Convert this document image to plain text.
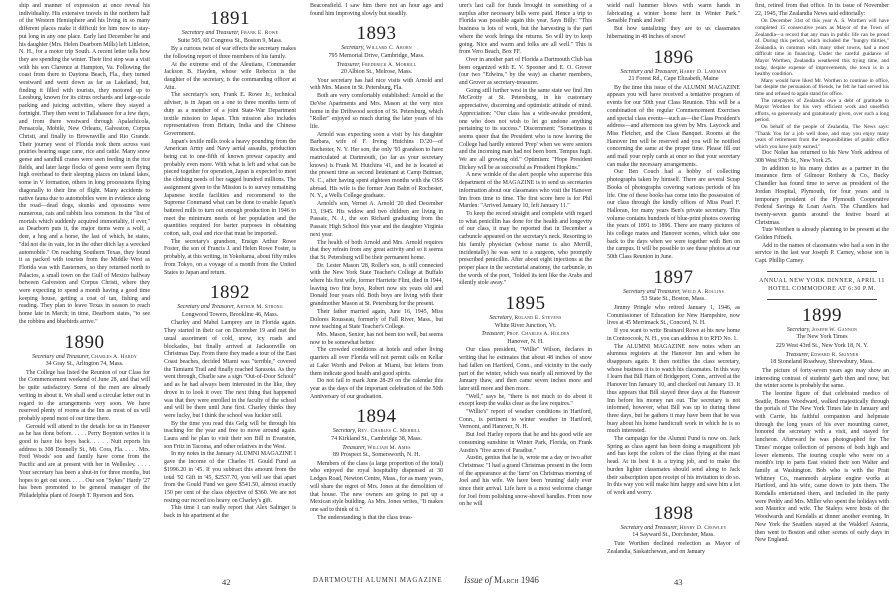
ship and manner of expression at once reveal his individuality. His extensive travels in the northern half of the Western Hemisphere and his living in so many different places make it difficult for him now to stay-put long in any one place. Early last December he and his daughter (Mrs. Helen Dearborn Mills) left Littleton, N. H., for a motor trip South. A recent letter tells how they are spending the winter. Their first stop was a visit with his son Clarence at Hampton, Va. Following the coast from there to Daytona Beach, Fla., they turned westward and went down as far as Lakeland, but, finding it filled with tourists, they motored up to Leesburg, known for its citrus orchards and large-scale packing and juicing activities, where they stayed a fortnight. They then went to Tallahassee for a few days, and from there westward through Apalachicola, Pensacola, Mobile, New Orleans, Galveston, Corpus Christi, and finally to Brownsville and Rio Grande. Their journey west of Florida took them across vast prairies bearing sugar cane, rice and cattle. Many snow geese and sandhill cranes were seen feeding in the rice fields, and later large flocks of geese were seen flying high overhead to their sleeping places on inland lakes, some in V formation, others in long processions flying diagonally to their line of flight. Many accidents to native fauna due to automobiles were in evidence along the road—dead dogs, skunks and opossums were numerous, cats and rabbits less common. In the "list of mortals which suddenly acquired immortality, if ever," as Dearborn puts it, the major items were a wolf, a deer, a hog and a horse, the last of which, he states, "did not die in vain, for in the other ditch lay a wrecked automobile." On reaching Southern Texas, they found it as packed with tourists from the Middle West as Florida was with Easterners, so they returned north to Palacios, a small town on the Gulf of Mexico halfway between Galveston and Corpus Christi, where they were expecting to spend a month having a good time keeping house, getting a coat of tan, fishing and reading. They plan to leave Texas in season to reach home late in March; in time, Dearborn states, "to see the robbins and bluebirds arrive."

1890
Secretary and Treasurer, Charles A. Hardy
34 Gray St., Arlington 74, Mass.

The College has listed the Reunion of our Class for the Commencement weekend of June 28, and that will be quite satisfactory. Some of the men are already writing in about it. We shall send a circular letter out in regard to the arrangements very soon. We have reserved plenty of rooms at the Inn as most of us will probably spend most of our time there.

Gerould will attend to the details for us in Hanover as he has done before. . . . . Perry Boynton writes it is good to have his boys back. . . . . Nutt reports his address is 308 Donnelly St., Mt. Cora, Fla. . . . . Mrs. Fred Woods' son and family have come from the Pacific and are at present with her in Wellesley. . . . . Your secretary has been a shut-in for three months, but hopes to get out soon. . . . . Our son "Sykes" Hardy '27 has been promoted to be general manager of the Philadelphia plant of Joseph T. Ryerson and Son.

1891
Secretary and Treasurer, Frank E. Rowe
Suite 505, 60 Congress St., Boston 9, Mass.

By a curious twist of war effects the secretary makes the following report of three members of his family.

At the extreme end of the Aleutians, Commander Jackson B. Hayden, whose wife Rebecca is the daughter of the secretary, is the commanding officer at Attu.

The secretary's son, Frank E. Rowe Jr., technical adviser, is in Japan on a one to three months term of duty as a member of a joint State-War Department textile mission to Japan. This mission also includes representatives from Britain, India and the Chinese Government.

Japan's textile mills took a heavy pounding from the American Army and Navy aerial assaults, production being cut to one-fifth of known prewar capacity and probably even more. With what is left and what can be pieced together for operation, Japan is expected to meet the clothing needs of her ragged hundred millions. The assignment given to the Mission is to survey remaining Japanese textile facilities and recommend to the Supreme Command what can be done to enable Japan's battered mills to turn out enough production in 1946 to meet the minimum needs of her population and the quantities required for barter purposes in obtaining cotton, salt, coal and rice that must be imported.

The secretary's grandson, Ensign Arthur Rowe Foster, the son of Francis J. and Helen Rowe Foster, is probably, at this writing, in Yokohama, about fifty miles from Tokyo, on a voyage of a month from the United States to Japan and return.

1892
Secretary and Treasurer, Arthur M. Strong
Longwood Towers, Brookline 46, Mass.

Charley and Mabel Lamprey are in Florida again. They started in their car on December 19 and met the usual assortment of cold, snow, icy roads and blockades, but finally arrived at Jacksonville on Christmas Day. From there they made a tour of the East Coast beaches, decided Miami was "terrible," covered the Tamiami Trail and finally reached Sarasota. As they went through, Charlie saw a sign "Out-of-Door School" and as he had always been interested in the like, they drove in to look it over. The next thing that happened was that they were enrolled in the faculty of the school and will be there until June first. Charley thinks they were lucky, but I think the school was luckier still.

By the time you read this Gelg will be through his teaching for the year and free to move around again. Laura and he plan to visit their son Bill in Evanston, son Fritz in Tacoma, and other relatives in the West.

In my notes in the January ALUMNI MAGAZINE I gave the income of the Charles H. Gould Fund as $1996.20 in '45. If you subtract this amount from the total '92 Gift in '45, $2537.70, you will see that apart from the Gould Fund we gave $541.50, almost exactly 150 per cent of the class objective of $360. We are not resting our record too heavy on Charley's gift.

This time I can really report that Alex Salinger is back in his apartment at the

Beaconsfield. I saw him there not an hour ago and found him improving slowly but steadily.

1893
Secretary, Willard C. Aborn
795 Memorial Drive, Cambridge, Mass.
Treasurer, Frederick A. Morrill
20 Albion St., Melrose, Mass.

Your secretary has had nice visits with Arnold and with Mrs. Mason in St. Petersburg, Fla.

Both are very comfortably established: Arnold at the DeVoe Apartments and Mrs. Mason at the very nice home in the Driftwood section of St. Petersburg, which "Roller" enjoyed so much during the later years of his life.

Arnold was expecting soon a visit by his daughter Barbara, wife of F. Irving Hutchins D.'20—of Rochester, N. Y. Her son, the only '93 grandson to have matriculated at Dartmouth, (so far as your secretary knows) is Frank M. Hutchins '41, and he is located at the present time as second lieutenant at Camp Butman, N. C., after having spent eighteen months with the OSS abroad. His wife is the former Jean Bahn of Rochester, N. Y., a Wells College graduate.

Arnold's son, Vernet A. Arnold '20 died December 13, 1945. His widow and two children are living in Passaic, N. J., the son Richard graduating from the Passaic High School this year and the daughter Virginia next year.

The health of both Arnold and Mrs. Arnold requires that they refrain from any great activity and so it seems that St. Petersburg will be their permanent home.

Dr. Lester Mason '28, Roller's son, is still connected with the New York State Teacher's College at Buffalo where his first wife, former Harriette Flint, died in 1944, leaving two fine boys, Robert now six years old and Donald four years old. Both boys are living with their grandmother Mason at St. Petersburg for the present.

Their father married again, June 16, 1945, Miss Dolores Rousseau, formerly of Fall River, Mass., but now teaching at State Teacher's College.

Mrs. Mason, Senior, has not been too well, but seems now to be somewhat better.

The crowded conditions at hotels and other living quarters all over Florida will not permit calls on Kellar at Lake Worth and Pelton at Miami, but letters from them indicate good health and good spirits.

Do not fail to mark June 28-29 on the calendar this year as the days of the important celebration of the 50th Anniversary of our graduation.

1894
Secretary, Rev. Charles C. Merrill
74 Kirkland St., Cambridge 38, Mass.
Treasurer, William M. Ames
89 Prospect St., Somersworth, N. H.

Members of the class (a large proportion of the total) who enjoyed the royal hospitality dispensed at 30 Ledges Road, Newton Centre, Mass., for as many years, will share the regret of Mrs. Jones at the demolition of that house. The new owners are going to put up a Mexican style building. As Mrs. Jones writes, "It makes one sad to think of it."

The understanding is that the class treas-

42	DARTMOUTH ALUMNI MAGAZINE

urer's last call for funds brought in something of a surplus after necessary bills were paid. Hence a trip to Florida was possible again this year. Says Billy: "This business is lots of work, but the harvesting is the part where the work brings the returns. So will try to keep going. Nice and warm and folks are all well." This is from Vero Beach, Box FF.

Over in another part of Florida a Dartmouth Club has been organized with E. V. Spooner and E. O. Grover (our two "Edwins," by the way) as charter members, and Grover as secretary-treasurer.

Going still further west in the same state we find Jim McGrotty at St. Petersburg, in his customary appreciative, discerning and optimistic attitude of mind. Appreciation: "Our class has a wide-awake president, one who does not wish to let go undone anything pertaining to its success." Discernment: "Sometimes it seems queer that the President who is now leaving the College had hardly entered 'Prep' when we were seniors and the incoming man had not been born. Tempus fugit. We are all growing old." Optimism: "Hope President Dickey will be as successful as President Hopkins."

A new wrinkle of the alert people who supervise this department of the MAGAZINE is to send us secretaries information about our classmates who visit the Hanover Inn from time to time. The first score here is for Phil Marden: "Arrived January 10, left January 11."

To keep the record straight and complete with regard to what penicillin has done for the health and longevity of our class, it may be reported that in December a carbuncle appeared on the secretary's neck. Resorting to his family physician (whose name is also Merrill, incidentally) he was sent to a surgeon, who promptly prescribed penicillin. After about eight injections at the proper place in the secretarial anatomy, the carbuncle, in the words of the poet, "folded its tent like the Arabs and silently stole away."

1895
Secretary, Roland E. Stevens
White River Junction, Vt.
Treasurer, Prof. Charles A. Holden
Hanover, N. H.

Our class president, "Willie" Wilson, declares in writing that he estimates that about 48 inches of snow had fallen on Hartford, Conn., and vicinity in the early part of the winter, which was nearly all removed by the January thaw, and then came seven inches more and later still more and then more.

"Well," says he, "there is not much to do about it except keep the walks clear as the law requires."

"Willie's" report of weather conditions in Hartford, Conn., is pertinent to winter weather in Hartford, Vermont, and Hanover, N. H.

But Joel Harley reports that he and his good wife are consuming sunshine in Winter Park, Florida, on Frank Austin's "five acres of Paradise."

Austin, genius that he is, wrote me a day or two after Christmas: "I had a grand Christmas present in the form of the appearance at the 'farm' on Christmas morning of Joel and his wife. We have been 'reuning' daily ever since their arrival. Life here is a most welcome change for Joel from polishing snow-shovel handles. From now on he will

wield nail hammer blows with warm hands in fabricating a winter home here in Winter Park." Sensible Frank and Joel!

But how tantalizing they are to us classmates hibernating in 48 inches of snow!

1896
Secretary and Treasurer, Harry D. Lareman
21 Forest Rd., Cape Elizabeth, Maine

By the time this issue of the ALUMNI MAGAZINE appears you will have received a tentative program of events for our 50th year Class Reunion. This will be a combination of the regular Commencement Exercises and special class events—such as—the Class President's address—and afternoon tea given by Mrs. Laycock and Miss Fletcher, and the Class Banquet. Rooms at the Hanover Inn will be reserved and you will be notified concerning the same at the proper time. Please fill out and mail your reply cards at once so that your secretary can make the necessary arrangements.

Our Ben Couch had a hobby of collecting photographs taken by himself. There are several Scrap Books of photographs covering various periods of his life. One of these books has come into the possession of our class through the kindly offices of Miss Pearl F. Halloran, for many years Ben's private secretary. This volume contains hundreds of blue-print photos covering the years of 1891 to 1896. There are many pictures of his college mates and Hanover scenes, which take one back to the days when we were together with Ben on the campus. It will be possible to see these photos at our 50th Class Reunion in June.

1897
Secretary and Treasurer, Weld A. Rollins
53 State St., Boston, Mass.

Jimmy Pringle who retired January 1, 1946, as Commissioner of Education for New Hampshire, now lives at 45 Merrimack St., Concord, N. H.

If you want to write Brainard Rowe at his new home in Contoocook, N. H., you can address it to RFD No. 1.

The ALUMNI MAGAZINE now notes when an alumnus registers at the Hanover Inn and when he disappears again. It then notifies the class secretary, whose business it is to watch his classmates. In this way I learn that Bill Ham of Bridgeport, Conn., arrived at the Hanover Inn January 10, and checked out January 13. It thus appears that Bill stayed three days at the Hanover Inn before his money ran out. The secretary is not informed, however, what Bill was up to during these three days, but he gathers it may have been that he was busy about his home handicraft work in which he is so much interested.

The campaign for the Alumni Fund is now on. Jack Spring as class agent has been doing a magnificent job and has kept the colors of the class flying at the mast head. At its best it is a trying job, and to make the burden lighter classmates should send along to Jack their subscription upon receipt of his invitation to do so. In this way you will make him happy and save him a lot of work and worry.

1898
Secretary and Treasurer, Henry D. Crowley
14 Sayward St., Dorchester, Mass.

Tute Worthen declined reelection as Mayor of Zealandia, Saskatchewan, and on January

first, retired from that office. In its issue of November 22, 1945, The Zealandia News said editorially:

On December 31st of this year A. S. Worthen will have completed 15 consecutive years as Mayor of the Town of Zealandia—a record that any man in public life can be proud of. During this period, which included the "hungry thirties," Zealandia, in common with many other towns, had a most difficult time in financing. Under the careful guidance of Mayor Worthen, Zealandia weathered this trying time, and today, despite expense of improvements, the town is in a healthy condition.

Many would have liked Mr. Worthen to continue in office, but despite the persuasion of friends, he felt he had served his time and refused to again stand for office.

The ratepayers of Zealandia owe a debt of gratitude to Mayor Worthen for his very efficient work and unselfish efforts, so generously and gratuitously given, over such a long period.

On behalf of the people of Zealandia, The News says: "Thank You for a job well done, and may you enjoy many years of retirement from the responsibilities of public office which you have justly earned."

Doc Nolan has returned to his New York address of 308 West 97th St., New York 25.

In addition to his many duties as a partner in the insurance firm of Gilmour Rothery & Co., Bucky Chandler has found time to serve as president of the Jordan Hospital, Plymouth, for four years and is temporary president of the Plymouth Cooperative Federal Savings & Loan Ass'n. The Chandlers had twenty-seven guests around the festive board at Christmas.

Tute Worthen is already planning to be present at the Golden Fiftieth.

Add to the names of classmates who had a son in the service in the last war Joseph P. Carney, whose son is Capt. Phillip Carney.

ANNUAL NEW YORK DINNER, APRIL 11
HOTEL COMMODORE AT 6:30 P.M.
1899
Secretary, Joseph W. Gannon
The New York Times
229 West 43rd St., New York 18, N. Y.
Treasurer, Edward R. Skinner
18 Stoneland Roadway, Shrewsbury, Mass.

The picture of forty-seven years ago may show an interesting contrast of students' garb then and now, but the winter scene is probably the same.

The leonine figure of that celebrated medico of Seattle, Bones Woodward, walked majestically through the portals of The New York Times late in January and with Carrie, his faithful companion and helpmate through the long years of his ever mounting career, honored the secretary with a visit, and stayed for luncheon. Afterward he was photographed for The Times' morgue collection of persons of both high and lower elements. The touring couple who were on a month's trip to parts East visited their son Walter and family at Washington. Bob who is with the Pratt Whitney Co., mammoth airplane engine works at Hartford, and his wife, came down to join them. The Kendalls entertained them, and included in the party were Peddy and Mrs. Miller who spent the holidays with son Maurice and wife. The Staleys were hosts of the Woodwards and Kendalls at dinner another evening. In New York the Seattlers stayed at the Waldorf Astoria, then went to Boston and other scenes of early days in New England.

Issue of March 1946	43
